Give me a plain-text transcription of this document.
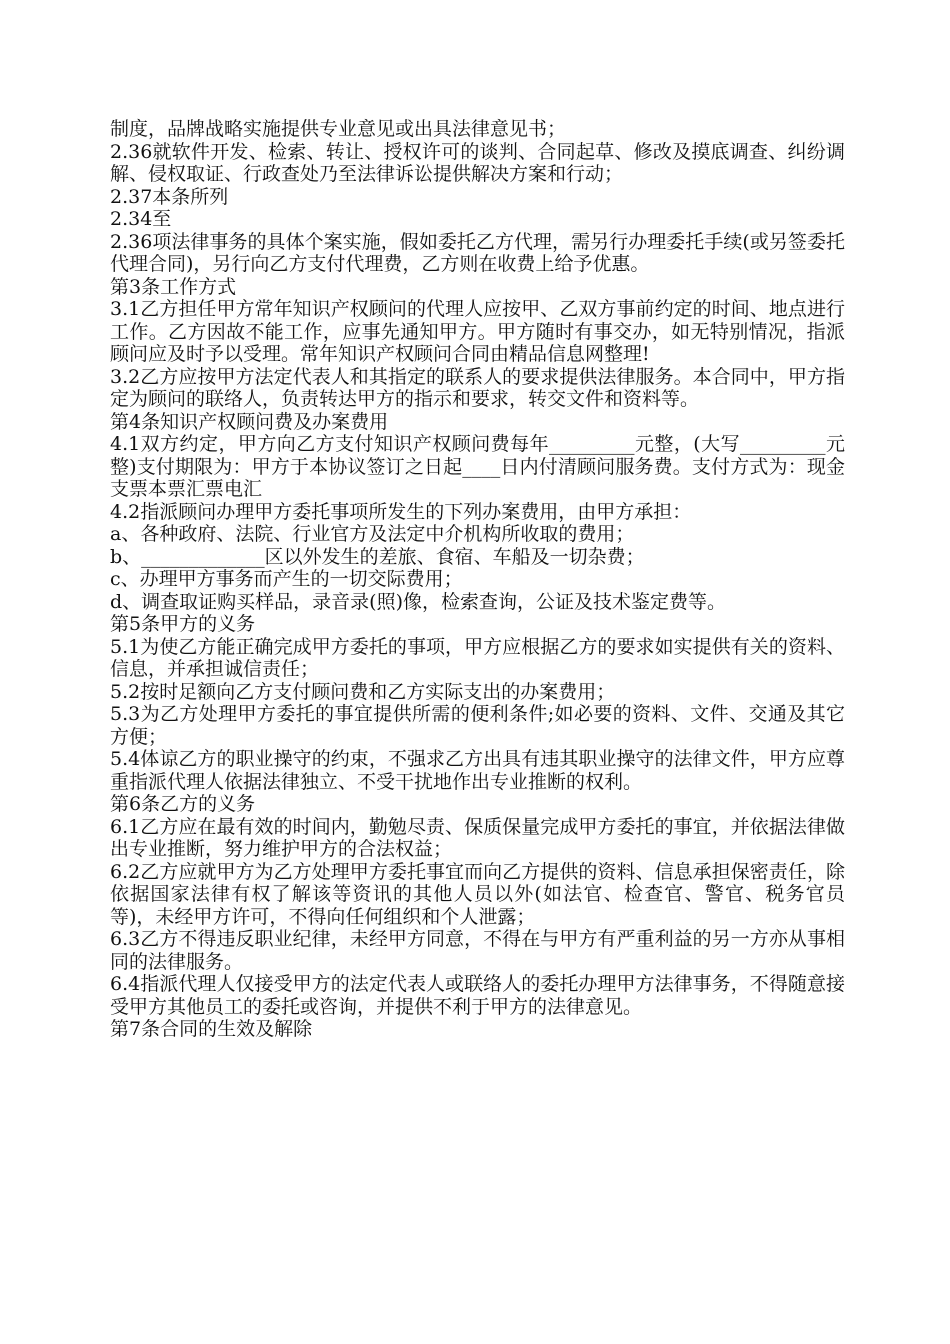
制度，品牌战略实施提供专业意见或出具法律意见书；

2.36就软件开发、检索、转让、授权许可的谈判、合同起草、修改及摸底调查、纠纷调解、侵权取证、行政查处乃至法律诉讼提供解决方案和行动；

2.37本条所列

2.34至

2.36项法律事务的具体个案实施，假如委托乙方代理，需另行办理委托手续(或另签委托代理合同)，另行向乙方支付代理费，乙方则在收费上给予优惠。

第3条工作方式

3.1乙方担任甲方常年知识产权顾问的代理人应按甲、乙双方事前约定的时间、地点进行工作。乙方因故不能工作，应事先通知甲方。甲方随时有事交办，如无特别情况，指派顾问应及时予以受理。常年知识产权顾问合同由精品信息网整理!

3.2乙方应按甲方法定代表人和其指定的联系人的要求提供法律服务。本合同中，甲方指定为顾问的联络人，负责转达甲方的指示和要求，转交文件和资料等。

第4条知识产权顾问费及办案费用

4.1双方约定，甲方向乙方支付知识产权顾问费每年_________元整，(大写_________元整)支付期限为：甲方于本协议签订之日起____日内付清顾问服务费。支付方式为：现金支票本票汇票电汇

4.2指派顾问办理甲方委托事项所发生的下列办案费用，由甲方承担：

a、各种政府、法院、行业官方及法定中介机构所收取的费用；

b、_____________区以外发生的差旅、食宿、车船及一切杂费；

c、办理甲方事务而产生的一切交际费用；

d、调查取证购买样品，录音录(照)像，检索查询，公证及技术鉴定费等。

第5条甲方的义务

5.1为使乙方能正确完成甲方委托的事项，甲方应根据乙方的要求如实提供有关的资料、信息，并承担诚信责任；

5.2按时足额向乙方支付顾问费和乙方实际支出的办案费用；

5.3为乙方处理甲方委托的事宜提供所需的便利条件;如必要的资料、文件、交通及其它方便；

5.4体谅乙方的职业操守的约束，不强求乙方出具有违其职业操守的法律文件，甲方应尊重指派代理人依据法律独立、不受干扰地作出专业推断的权利。

第6条乙方的义务

6.1乙方应在最有效的时间内，勤勉尽责、保质保量完成甲方委托的事宜，并依据法律做出专业推断，努力维护甲方的合法权益；

6.2乙方应就甲方为乙方处理甲方委托事宜而向乙方提供的资料、信息承担保密责任，除依据国家法律有权了解该等资讯的其他人员以外(如法官、检查官、警官、税务官员等)，未经甲方许可，不得向任何组织和个人泄露；

6.3乙方不得违反职业纪律，未经甲方同意，不得在与甲方有严重利益的另一方亦从事相同的法律服务。

6.4指派代理人仅接受甲方的法定代表人或联络人的委托办理甲方法律事务，不得随意接受甲方其他员工的委托或咨询，并提供不利于甲方的法律意见。

第7条合同的生效及解除
